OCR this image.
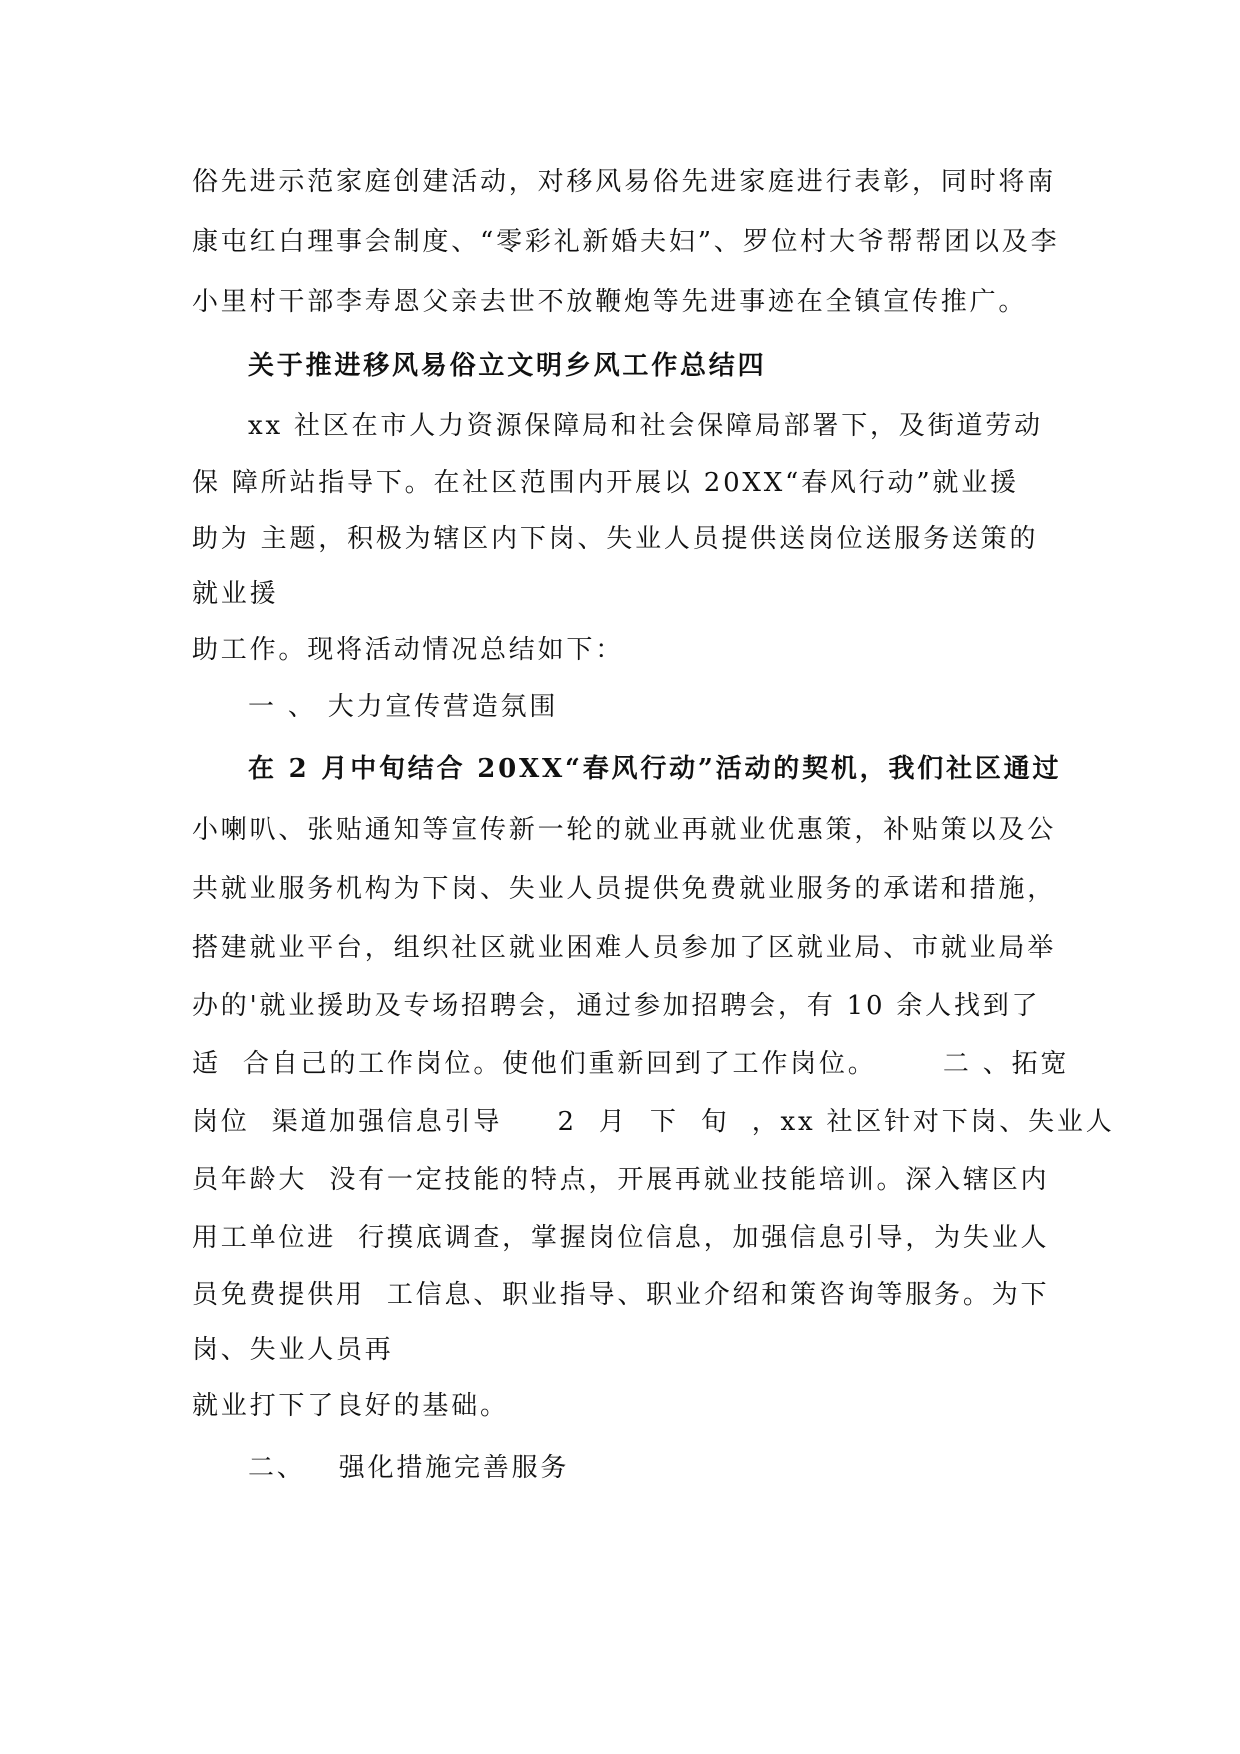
俗先进示范家庭创建活动，对移风易俗先进家庭进行表彰，同时将南
康屯红白理事会制度、“零彩礼新婚夫妇”、罗位村大爷帮帮团以及李
小里村干部李寿恩父亲去世不放鞭炮等先进事迹在全镇宣传推广。
关于推进移风易俗立文明乡风工作总结四
xx 社区在市人力资源保障局和社会保障局部署下，及街道劳动
保 障所站指导下。在社区范围内开展以 20XX“春风行动”就业援
助为 主题，积极为辖区内下岗、失业人员提供送岗位送服务送策的
就业援
助工作。现将活动情况总结如下：
一 、 大力宣传营造氛围
在 2 月中旬结合 20XX“春风行动”活动的契机，我们社区通过
小喇叭、张贴通知等宣传新一轮的就业再就业优惠策，补贴策以及公
共就业服务机构为下岗、失业人员提供免费就业服务的承诺和措施，
搭建就业平台，组织社区就业困难人员参加了区就业局、市就业局举
办的'就业援助及专场招聘会，通过参加招聘会，有 10 余人找到了
适  合自己的工作岗位。使他们重新回到了工作岗位。      二 、拓宽
岗位  渠道加强信息引导     2  月  下  旬  ，xx 社区针对下岗、失业人
员年龄大  没有一定技能的特点，开展再就业技能培训。深入辖区内
用工单位进  行摸底调查，掌握岗位信息，加强信息引导，为失业人
员免费提供用  工信息、职业指导、职业介绍和策咨询等服务。为下
岗、失业人员再
就业打下了良好的基础。
二、   强化措施完善服务
